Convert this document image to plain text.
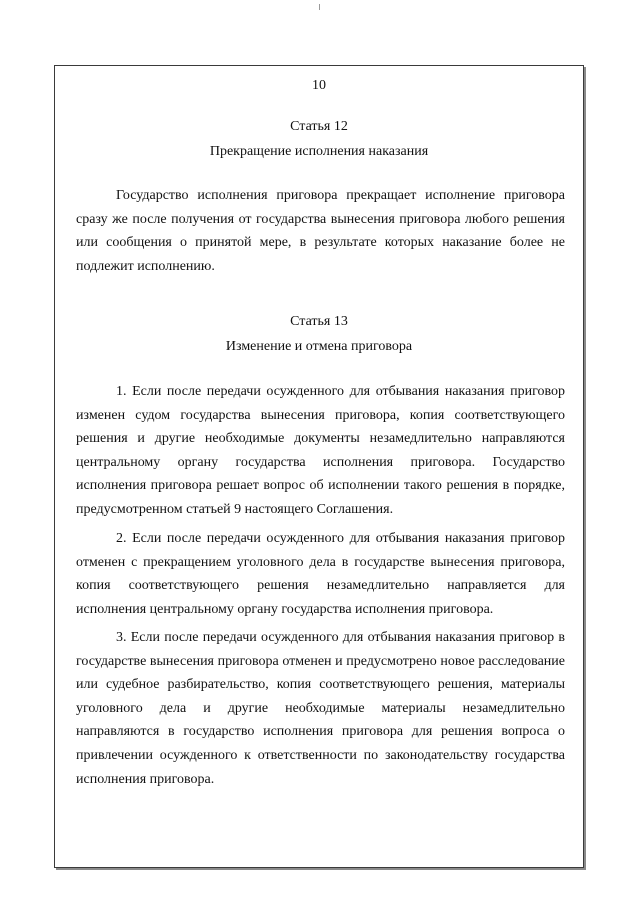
10
Статья 12
Прекращение исполнения наказания

Государство исполнения приговора прекращает исполнение приговора сразу же после получения от государства вынесения приговора любого решения или сообщения о принятой мере, в результате которых наказание более не подлежит исполнению.

Статья 13
Изменение и отмена приговора

1. Если после передачи осужденного для отбывания наказания приговор изменен судом государства вынесения приговора, копия соответствующего решения и другие необходимые документы незамедлительно направляются центральному органу государства исполнения приговора. Государство исполнения приговора решает вопрос об исполнении такого решения в порядке, предусмотренном статьей 9 настоящего Соглашения.

2. Если после передачи осужденного для отбывания наказания приговор отменен с прекращением уголовного дела в государстве вынесения приговора, копия соответствующего решения незамедлительно направляется для исполнения центральному органу государства исполнения приговора.

3. Если после передачи осужденного для отбывания наказания приговор в государстве вынесения приговора отменен и предусмотрено новое расследование или судебное разбирательство, копия соответствующего решения, материалы уголовного дела и другие необходимые материалы незамедлительно направляются в государство исполнения приговора для решения вопроса о привлечении осужденного к ответственности по законодательству государства исполнения приговора.
